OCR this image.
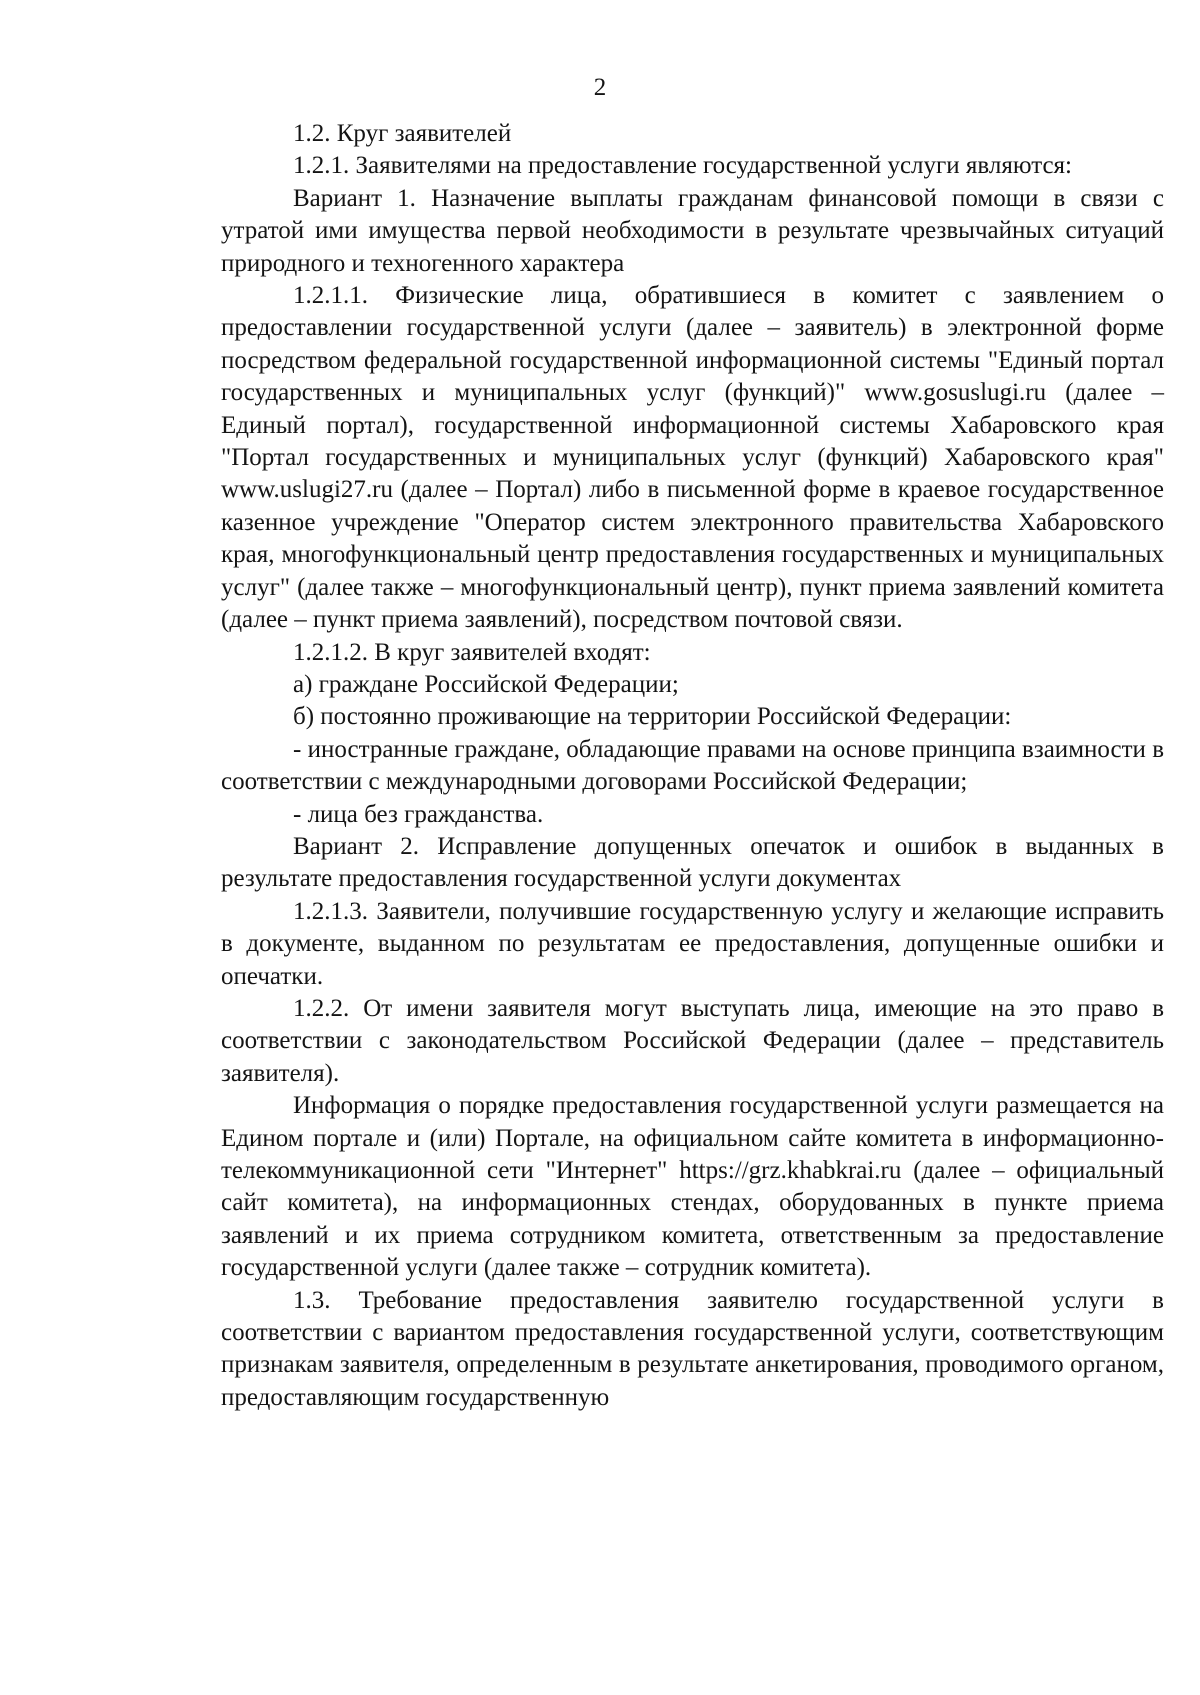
2

1.2. Круг заявителей

1.2.1. Заявителями на предоставление государственной услуги являются:

Вариант 1. Назначение выплаты гражданам финансовой помощи в связи с утратой ими имущества первой необходимости в результате чрезвычайных ситуаций природного и техногенного характера

1.2.1.1. Физические лица, обратившиеся в комитет с заявлением о предоставлении государственной услуги (далее – заявитель) в электронной форме посредством федеральной государственной информационной системы "Единый портал государственных и муниципальных услуг (функций)" www.gosuslugi.ru (далее – Единый портал), государственной информационной системы Хабаровского края "Портал государственных и муниципальных услуг (функций) Хабаровского края" www.uslugi27.ru (далее – Портал) либо в письменной форме в краевое государственное казенное учреждение "Оператор систем электронного правительства Хабаровского края, многофункциональный центр предоставления государственных и муниципальных услуг" (далее также – многофункциональный центр), пункт приема заявлений комитета (далее – пункт приема заявлений), посредством почтовой связи.

1.2.1.2. В круг заявителей входят:

а) граждане Российской Федерации;

б) постоянно проживающие на территории Российской Федерации:

- иностранные граждане, обладающие правами на основе принципа взаимности в соответствии с международными договорами Российской Федерации;

- лица без гражданства.

Вариант 2. Исправление допущенных опечаток и ошибок в выданных в результате предоставления государственной услуги документах

1.2.1.3. Заявители, получившие государственную услугу и желающие исправить в документе, выданном по результатам ее предоставления, допущенные ошибки и опечатки.

1.2.2. От имени заявителя могут выступать лица, имеющие на это право в соответствии с законодательством Российской Федерации (далее – представитель заявителя).

Информация о порядке предоставления государственной услуги размещается на Едином портале и (или) Портале, на официальном сайте комитета в информационно-телекоммуникационной сети "Интернет" https://grz.khabkrai.ru (далее – официальный сайт комитета), на информационных стендах, оборудованных в пункте приема заявлений и их приема сотрудником комитета, ответственным за предоставление государственной услуги (далее также – сотрудник комитета).

1.3. Требование предоставления заявителю государственной услуги в соответствии с вариантом предоставления государственной услуги, соответствующим признакам заявителя, определенным в результате анкетирования, проводимого органом, предоставляющим государственную
